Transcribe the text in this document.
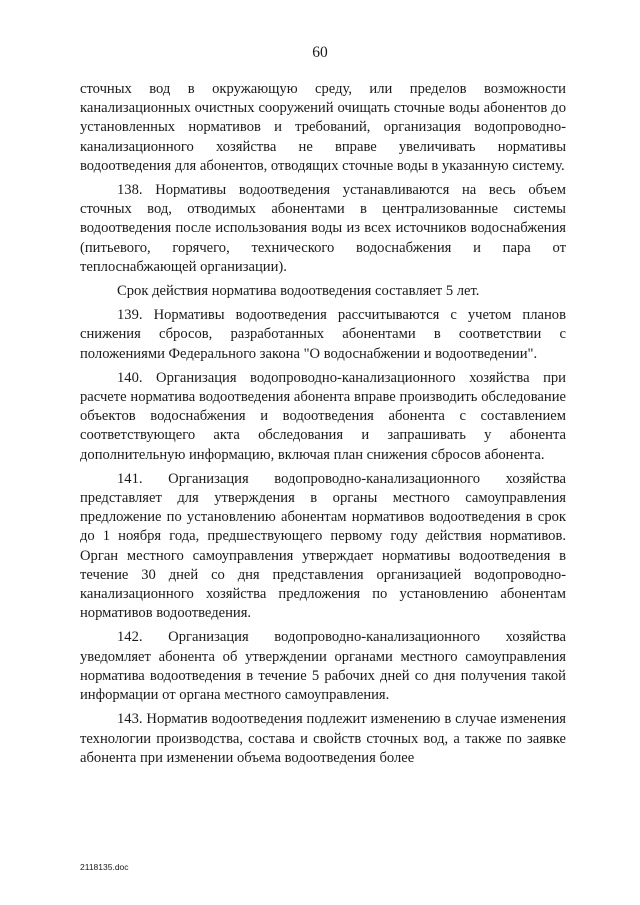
60

сточных вод в окружающую среду, или пределов возможности канализационных очистных сооружений очищать сточные воды абонентов до установленных нормативов и требований, организация водопроводно-канализационного хозяйства не вправе увеличивать нормативы водоотведения для абонентов, отводящих сточные воды в указанную систему.

138. Нормативы водоотведения устанавливаются на весь объем сточных вод, отводимых абонентами в централизованные системы водоотведения после использования воды из всех источников водоснабжения (питьевого, горячего, технического водоснабжения и пара от теплоснабжающей организации).

Срок действия норматива водоотведения составляет 5 лет.

139. Нормативы водоотведения рассчитываются с учетом планов снижения сбросов, разработанных абонентами в соответствии с положениями Федерального закона "О водоснабжении и водоотведении".

140. Организация водопроводно-канализационного хозяйства при расчете норматива водоотведения абонента вправе производить обследование объектов водоснабжения и водоотведения абонента с составлением соответствующего акта обследования и запрашивать у абонента дополнительную информацию, включая план снижения сбросов абонента.

141. Организация водопроводно-канализационного хозяйства представляет для утверждения в органы местного самоуправления предложение по установлению абонентам нормативов водоотведения в срок до 1 ноября года, предшествующего первому году действия нормативов. Орган местного самоуправления утверждает нормативы водоотведения в течение 30 дней со дня представления организацией водопроводно-канализационного хозяйства предложения по установлению абонентам нормативов водоотведения.

142. Организация водопроводно-канализационного хозяйства уведомляет абонента об утверждении органами местного самоуправления норматива водоотведения в течение 5 рабочих дней со дня получения такой информации от органа местного самоуправления.

143. Норматив водоотведения подлежит изменению в случае изменения технологии производства, состава и свойств сточных вод, а также по заявке абонента при изменении объема водоотведения более

2118135.doc
